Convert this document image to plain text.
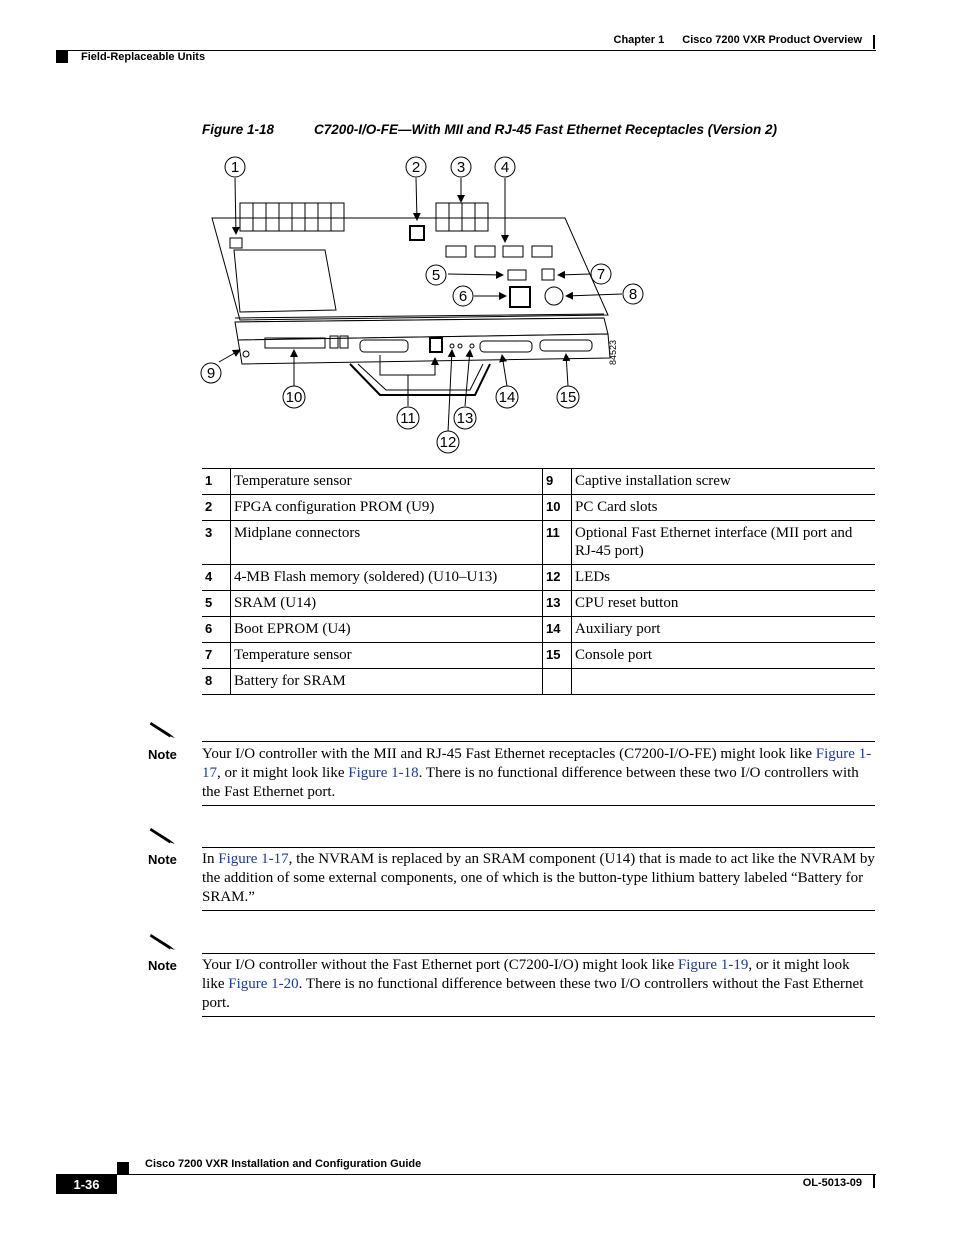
Chapter 1 Cisco 7200 VXR Product Overview
Field-Replaceable Units
Figure 1-18	C7200-I/O-FE—With MII and RJ-45 Fast Ethernet Receptacles (Version 2)
1	2 3 4
5
6
7
8
9
10
11
12
13
14	15
84523
1	Temperature sensor	9	Captive installation screw
2	FPGA configuration PROM (U9)	10	PC Card slots
3	Midplane connectors	11	Optional Fast Ethernet interface (MII port and RJ-45 port)
4	4-MB Flash memory (soldered) (U10–U13)	12	LEDs
5	SRAM (U14)	13	CPU reset button
6	Boot EPROM (U4)	14	Auxiliary port
7	Temperature sensor	15	Console port
8	Battery for SRAM		
Note Your I/O controller with the MII and RJ-45 Fast Ethernet receptacles (C7200-I/O-FE) might look like Figure 1-17, or it might look like Figure 1-18. There is no functional difference between these two I/O controllers with the Fast Ethernet port.
Note In Figure 1-17, the NVRAM is replaced by an SRAM component (U14) that is made to act like the NVRAM by the addition of some external components, one of which is the button-type lithium battery labeled “Battery for SRAM.”
Note Your I/O controller without the Fast Ethernet port (C7200-I/O) might look like Figure 1-19, or it might look like Figure 1-20. There is no functional difference between these two I/O controllers without the Fast Ethernet port.
Cisco 7200 VXR Installation and Configuration Guide
1-36	OL-5013-09
